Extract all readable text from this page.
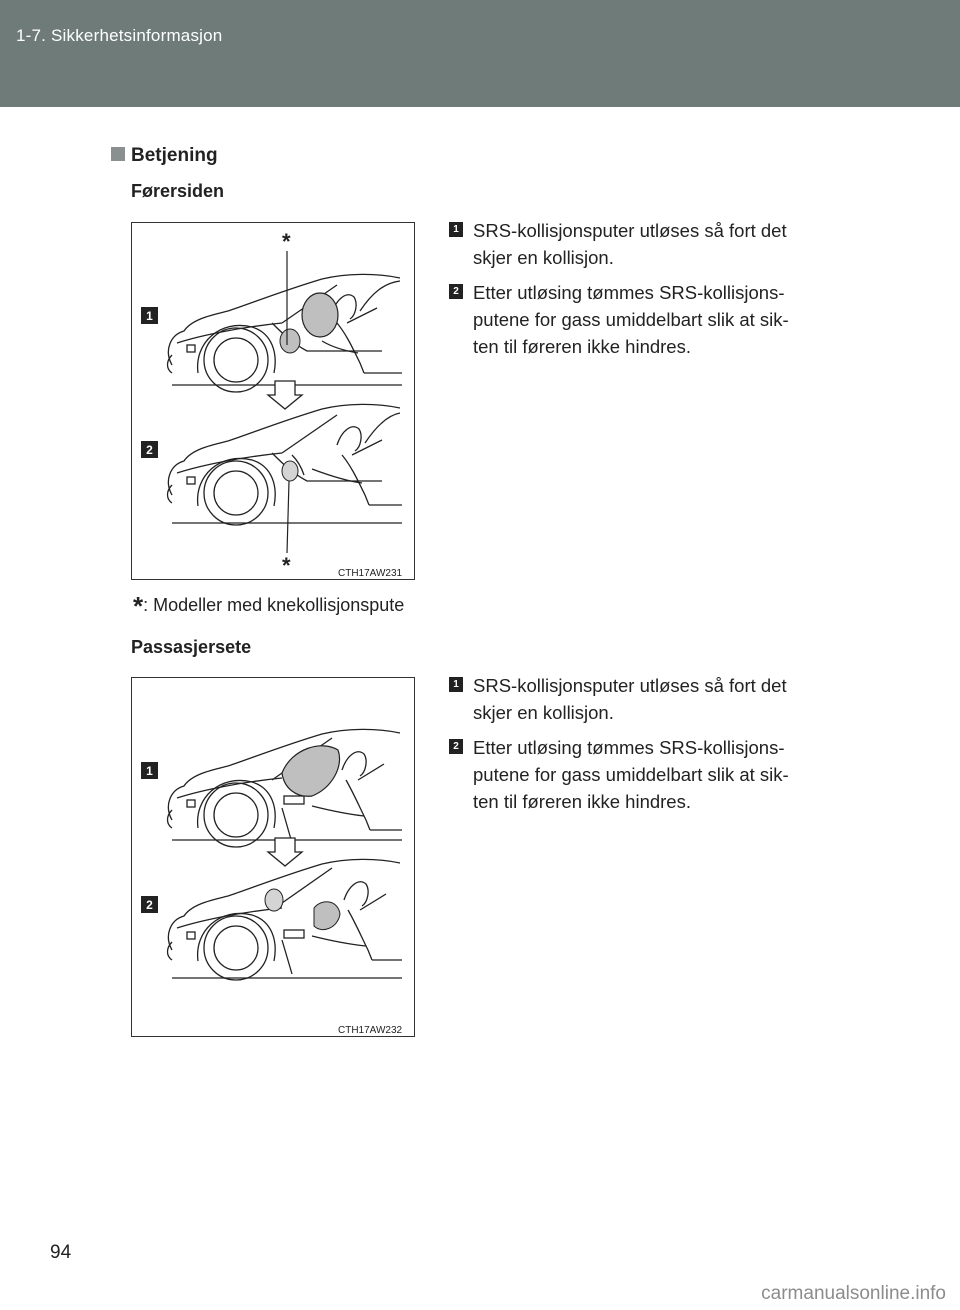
1-7. Sikkerhetsinformasjon
Betjening
Førersiden
1
2
*
*	CTH17AW231
1 SRS-kollisjonsputer utløses så fort det
skjer en kollisjon.
2 Etter utløsing tømmes SRS-kollisjons-
putene for gass umiddelbart slik at sik-
ten til føreren ikke hindres.
*: Modeller med knekollisjonspute
Passasjersete
1
2
CTH17AW232
1 SRS-kollisjonsputer utløses så fort det
skjer en kollisjon.
2 Etter utløsing tømmes SRS-kollisjons-
putene for gass umiddelbart slik at sik-
ten til føreren ikke hindres.
94
carmanualsonline.info
